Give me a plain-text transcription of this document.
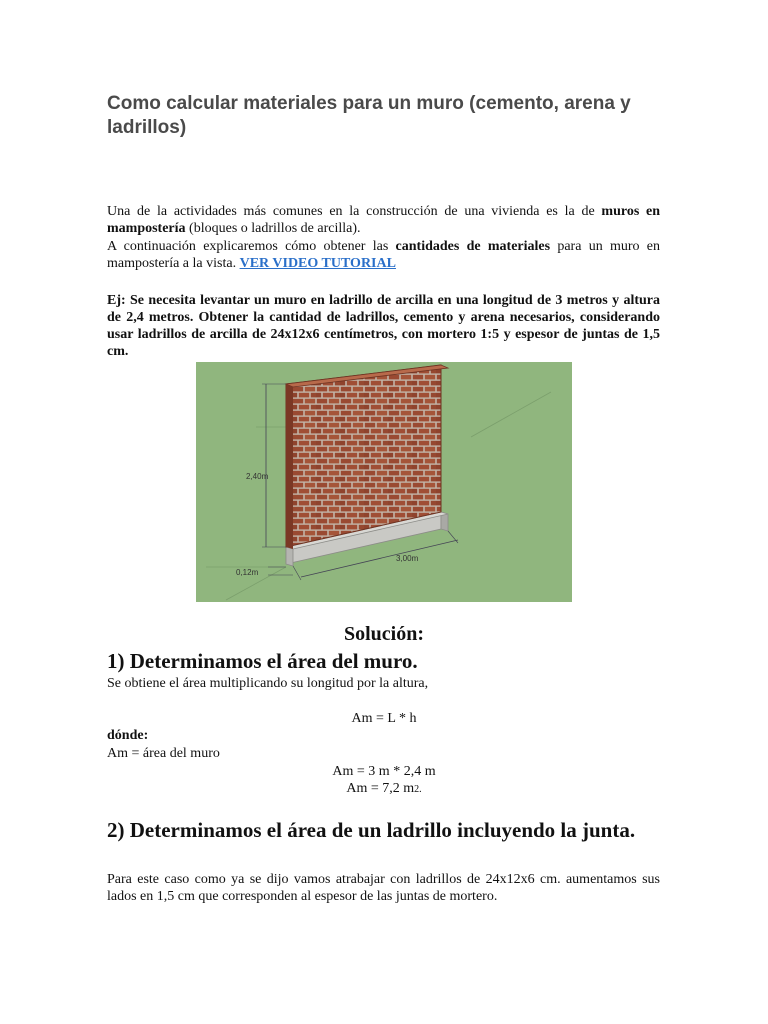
Como calcular materiales para un muro (cemento, arena y ladrillos)

Una de la actividades más comunes en la construcción de una vivienda es la de muros en mampostería (bloques o ladrillos de arcilla).

A continuación explicaremos cómo obtener las cantidades de materiales para un muro en mampostería a la vista. VER VIDEO TUTORIAL

Ej: Se necesita levantar un muro en ladrillo de arcilla en una longitud de 3 metros y altura de 2,4 metros. Obtener la cantidad de ladrillos, cemento y arena necesarios, considerando usar ladrillos de arcilla de 24x12x6 centímetros, con mortero 1:5 y espesor de juntas de 1,5 cm.

2,40m
3,00m
0,12m

Solución:

1) Determinamos el área del muro.

Se obtiene el área multiplicando su longitud por la altura,

Am = L * h

dónde:

Am = área del muro

Am = 3 m * 2,4 m

Am = 7,2 m2.

2) Determinamos el área de un ladrillo incluyendo la junta.

Para este caso como ya se dijo vamos atrabajar con ladrillos de 24x12x6 cm. aumentamos sus lados en 1,5 cm que corresponden al espesor de las juntas de mortero.
